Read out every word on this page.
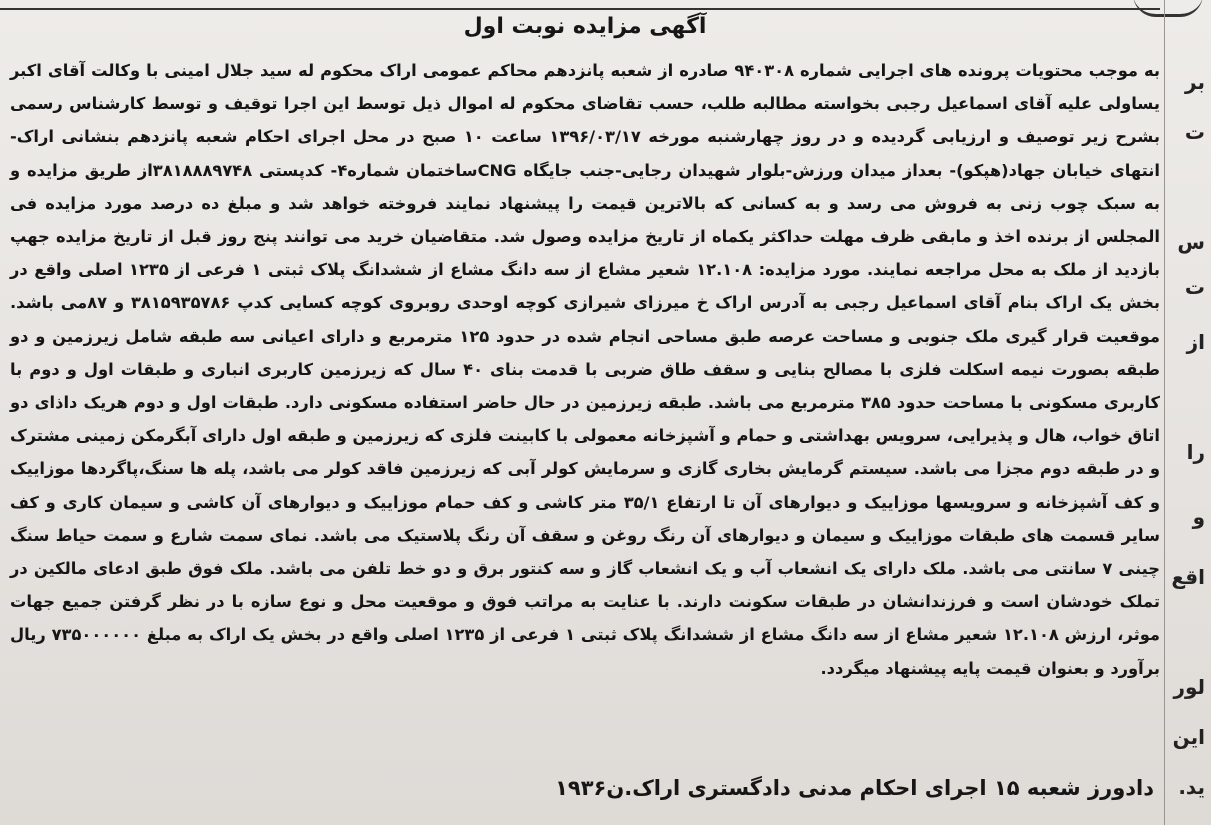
آگهی مزایده نوبت اول
به موجب محتویات پرونده های اجرایی شماره ۹۴۰۳۰۸ صادره از شعبه پانزدهم محاکم عمومی اراک محکوم له سید جلال امینی با وکالت آقای اکبر یساولی علیه آقای اسماعیل رجبی بخواسته مطالبه طلب، حسب تقاضای محکوم له اموال ذیل توسط این اجرا توقیف و توسط کارشناس رسمی بشرح زیر توصیف و ارزیابی گردیده و در روز چهارشنبه مورخه ۱۳۹۶/۰۳/۱۷ ساعت ۱۰ صبح در محل اجرای احکام شعبه پانزدهم بنشانی اراک-انتهای خیابان جهاد(هپکو)- بعداز میدان ورزش-بلوار شهیدان رجایی-جنب جایگاه CNGساختمان شماره۴- کدپستی ۳۸۱۸۸۸۹۷۴۸از طریق مزایده و به سبک چوب زنی به فروش می رسد و به کسانی که بالاترین قیمت را پیشنهاد نمایند فروخته خواهد شد و مبلغ ده درصد مورد مزایده فی المجلس از برنده اخذ و مابقی ظرف مهلت حداکثر یکماه از تاریخ مزایده وصول شد. متقاضیان خرید می توانند پنج روز قبل از تاریخ مزایده جهپ بازدید از ملک به محل مراجعه نمایند. مورد مزایده: ۱۲.۱۰۸ شعیر مشاع از سه دانگ مشاع از ششدانگ پلاک ثبتی ۱ فرعی از ۱۲۳۵ اصلی واقع در بخش یک اراک بنام آقای اسماعیل رجبی به آدرس اراک خ میرزای شیرازی کوچه اوحدی روبروی کوچه کسایی کدپ ۳۸۱۵۹۳۵۷۸۶ و ۸۷می باشد. موقعیت قرار گیری ملک جنوبی و مساحت عرصه طبق مساحی انجام شده در حدود ۱۲۵ مترمربع و دارای اعیانی سه طبقه شامل زیرزمین و دو طبقه بصورت نیمه اسکلت فلزی با مصالح بنایی و سقف طاق ضربی با قدمت بنای ۴۰ سال که زیرزمین کاربری انباری و طبقات اول و دوم با کاربری مسکونی با مساحت حدود ۳۸۵ مترمربع می باشد. طبقه زیرزمین در حال حاضر استفاده مسکونی دارد. طبقات اول و دوم هریک داذای دو اتاق خواب، هال و پذیرایی، سرویس بهداشتی و حمام و آشپزخانه معمولی با کابینت فلزی که زیرزمین و طبقه اول دارای آبگرمکن زمینی مشترک و در طبقه دوم مجزا می باشد. سیستم گرمایش بخاری گازی و سرمایش کولر آبی که زیرزمین فاقد کولر می باشد، پله ها سنگ،پاگردها موزاییک و کف آشپزخانه و سرویسها موزاییک و دیوارهای آن تا ارتفاع ۳۵/۱ متر کاشی و کف حمام موزاییک و دیوارهای آن کاشی و سیمان کاری و کف سایر قسمت های طبقات موزاییک و سیمان و دیوارهای آن رنگ روغن و سقف آن رنگ پلاستیک می باشد. نمای سمت شارع و سمت حیاط سنگ چینی ۷ سانتی می باشد. ملک دارای یک انشعاب آب و یک انشعاب گاز و سه کنتور برق و دو خط تلفن می باشد. ملک فوق طبق ادعای مالکین در تملک خودشان است و فرزندانشان در طبقات سکونت دارند. با عنایت به مراتب فوق و موقعیت محل و نوع سازه با در نظر گرفتن جمیع جهات موثر، ارزش ۱۲.۱۰۸ شعیر مشاع از سه دانگ مشاع از ششدانگ پلاک ثبتی ۱ فرعی از ۱۲۳۵ اصلی واقع در بخش یک اراک به مبلغ ۷۳۵۰۰۰۰۰۰ ریال برآورد و بعنوان قیمت پایه پیشنهاد میگردد.
دادورز شعبه ۱۵ اجرای احکام مدنی دادگستری اراک.ن۱۹۳۶
بر
ت
س
ت
از
را
و
اقع
لور
این
ید.
